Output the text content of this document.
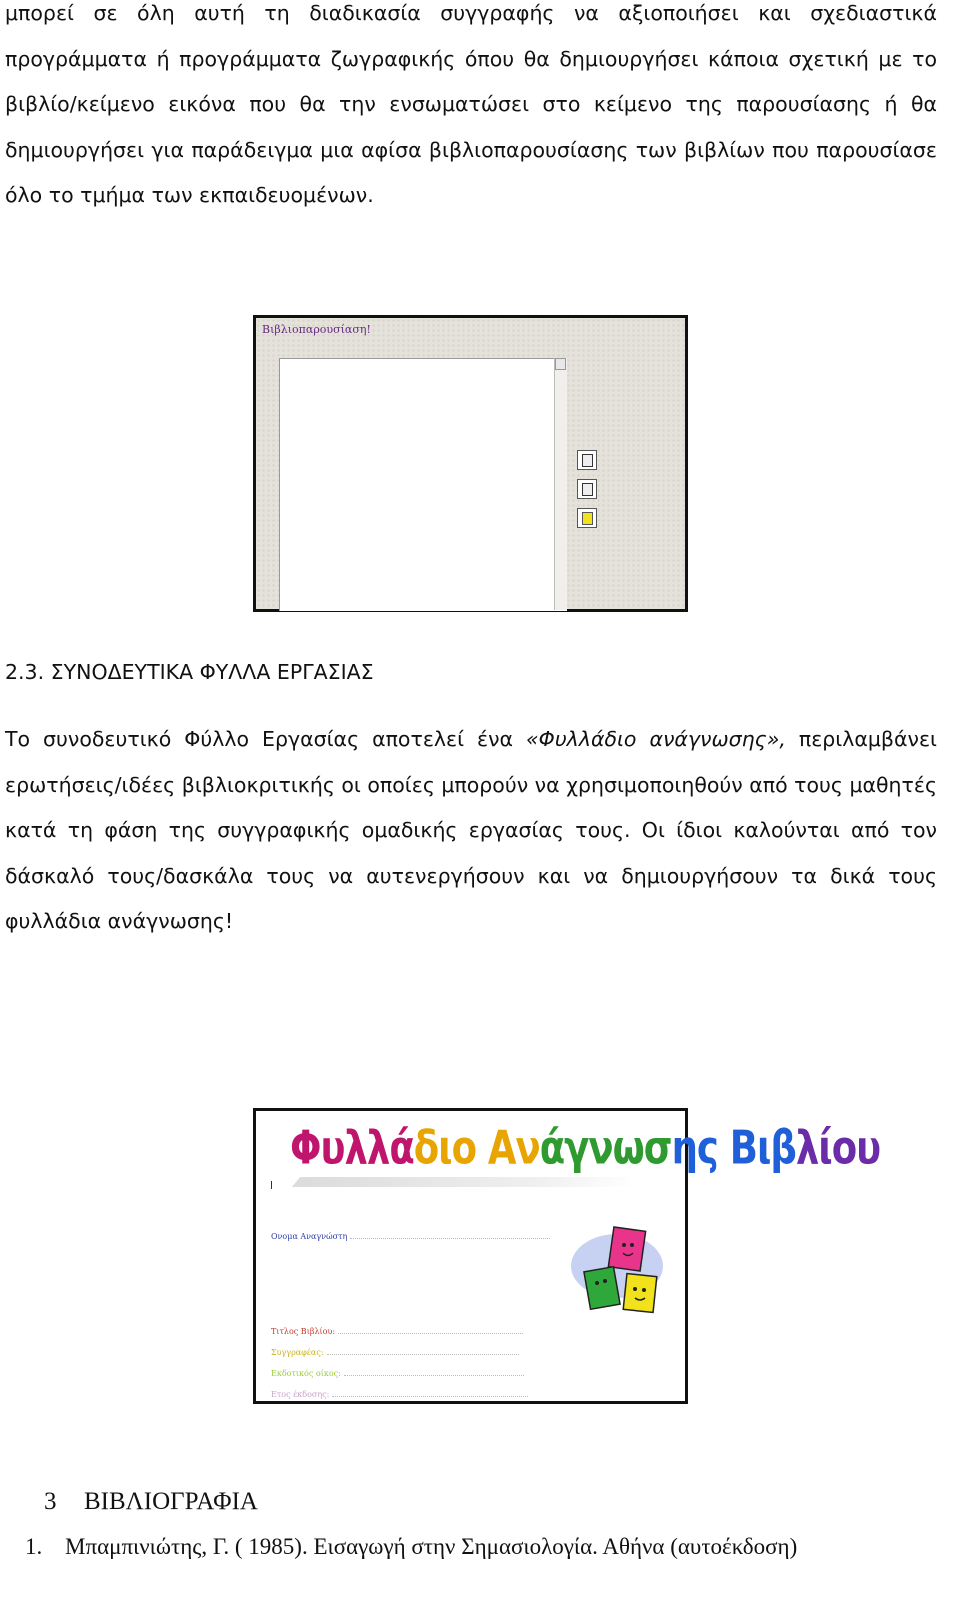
μπορεί σε όλη αυτή τη διαδικασία συγγραφής να αξιοποιήσει και σχεδιαστικά
προγράμματα ή προγράμματα ζωγραφικής όπου θα δημιουργήσει κάποια σχετική με το
βιβλίο/κείμενο εικόνα που θα την ενσωματώσει στο κείμενο της παρουσίασης ή θα
δημιουργήσει για παράδειγμα μια αφίσα βιβλιοπαρουσίασης των βιβλίων που παρουσίασε
όλο το τμήμα των εκπαιδευομένων.
Βιβλιοπαρουσίαση!
2.3. ΣΥΝΟΔΕΥΤΙΚΑ ΦΥΛΛΑ ΕΡΓΑΣΙΑΣ
Το συνοδευτικό Φύλλο Εργασίας αποτελεί ένα «Φυλλάδιο ανάγνωσης», περιλαμβάνει
ερωτήσεις/ιδέες βιβλιοκριτικής οι οποίες μπορούν να χρησιμοποιηθούν από τους μαθητές
κατά τη φάση της συγγραφικής ομαδικής εργασίας τους. Οι ίδιοι καλούνται από τον
δάσκαλό τους/δασκάλα τους να αυτενεργήσουν και να δημιουργήσουν τα δικά τους
φυλλάδια ανάγνωσης!
Φυλλάδιο Ανάγνωσης Βιβλίου
Ονομα Αναγνώστη
Τιτλος Βιβλίου:
Συγγραφέας:
Εκδοτικός οίκος:
Ετος έκδοσης:
3 ΒΙΒΛΙΟΓΡΑΦΙΑ

1. Μπαμπινιώτης, Γ. ( 1985). Εισαγωγή στην Σημασιολογία. Αθήνα (αυτοέκδοση)
